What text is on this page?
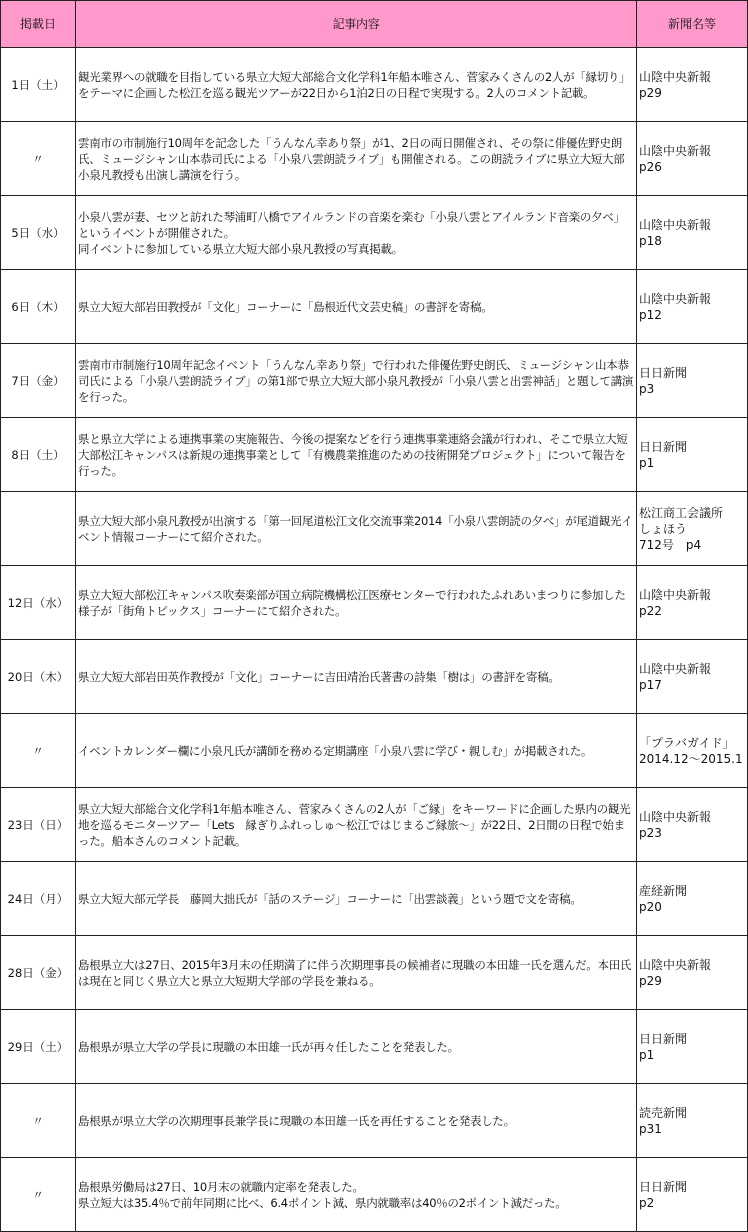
掲載日	記事内容	新聞名等
1日（土）	観光業界への就職を目指している県立大短大部総合文化学科1年船本唯さん、菅家みくさんの2人が「縁切り」をテーマに企画した松江を巡る観光ツアーが22日から1泊2日の日程で実現する。2人のコメント記載。	山陰中央新報
p29
〃	雲南市の市制施行10周年を記念した「うんなん幸あり祭」が1、2日の両日開催され、その祭に俳優佐野史朗氏、ミュージシャン山本恭司氏による「小泉八雲朗読ライブ」も開催される。この朗読ライブに県立大短大部小泉凡教授も出演し講演を行う。	山陰中央新報
p26
5日（水）	小泉八雲が妻、セツと訪れた琴浦町八橋でアイルランドの音楽を楽む「小泉八雲とアイルランド音楽の夕べ」というイベントが開催された。
同イベントに参加している県立大短大部小泉凡教授の写真掲載。	山陰中央新報
p18
6日（木）	県立大短大部岩田教授が「文化」コーナーに「島根近代文芸史稿」の書評を寄稿。	山陰中央新報
p12
7日（金）	雲南市市制施行10周年記念イベント「うんなん幸あり祭」で行われた俳優佐野史朗氏、ミュージシャン山本恭司氏による「小泉八雲朗読ライブ」の第1部で県立大短大部小泉凡教授が「小泉八雲と出雲神話」と題して講演を行った。	日日新聞
p3
8日（土）	県と県立大学による連携事業の実施報告、今後の提案などを行う連携事業連絡会議が行われ、そこで県立大短大部松江キャンパスは新規の連携事業として「有機農業推進のための技術開発プロジェクト」について報告を行った。	日日新聞
p1
	県立大短大部小泉凡教授が出演する「第一回尾道松江文化交流事業2014「小泉八雲朗読の夕べ」が尾道観光イベント情報コーナーにて紹介された。	松江商工会議所
しょほう
712号　p4
12日（水）	県立大短大部松江キャンパス吹奏楽部が国立病院機構松江医療センターで行われたふれあいまつりに参加した様子が「街角トピックス」コーナーにて紹介された。	山陰中央新報
p22
20日（木）	県立大短大部岩田英作教授が「文化」コーナーに吉田靖治氏著書の詩集「樹は」の書評を寄稿。	山陰中央新報
p17
〃	イベントカレンダー欄に小泉凡氏が講師を務める定期講座「小泉八雲に学び・親しむ」が掲載された。	「プラバガイド」
2014.12～2015.1
23日（日）	県立大短大部総合文化学科1年船本唯さん、菅家みくさんの2人が「ご縁」をキーワードに企画した県内の観光地を巡るモニターツアー「Lets　縁ぎりふれっしゅ～松江ではじまるご縁旅～」が22日、2日間の日程で始まった。船本さんのコメント記載。	山陰中央新報
p23
24日（月）	県立大短大部元学長　藤岡大拙氏が「話のステージ」コーナーに「出雲談義」という題で文を寄稿。	産経新聞
p20
28日（金）	島根県立大は27日、2015年3月末の任期満了に伴う次期理事長の候補者に現職の本田雄一氏を選んだ。本田氏は現在と同じく県立大と県立大短期大学部の学長を兼ねる。	山陰中央新報
p29
29日（土）	島根県が県立大学の学長に現職の本田雄一氏が再々任したことを発表した。	日日新聞
p1
〃	島根県が県立大学の次期理事長兼学長に現職の本田雄一氏を再任することを発表した。	読売新聞
p31
〃	島根県労働局は27日、10月末の就職内定率を発表した。
県立短大は35.4％で前年同期に比べ、6.4ポイント減、県内就職率は40％の2ポイント減だった。	日日新聞
p2
